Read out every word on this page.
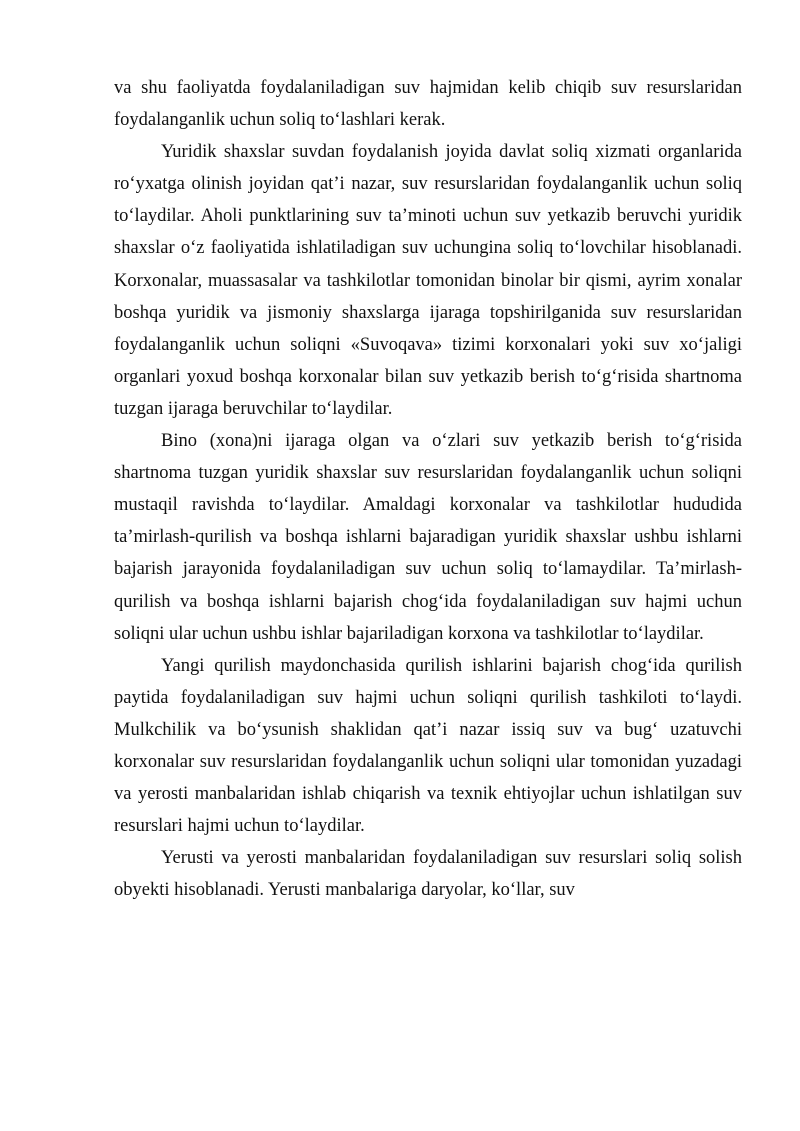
va shu faoliyatda foydalaniladigan suv hajmidan kelib chiqib suv resurslaridan foydalanganlik uchun soliq to‘lashlari kerak.

Yuridik shaxslar suvdan foydalanish joyida davlat soliq xizmati organlarida ro‘yxatga olinish joyidan qat’i nazar, suv resurslaridan foydalanganlik uchun soliq to‘laydilar. Aholi punktlarining suv ta’minoti uchun suv yetkazib beruvchi yuridik shaxslar o‘z faoliyatida ishlatiladigan suv uchungina soliq to‘lovchilar hisoblanadi. Korxonalar, muassasalar va tashkilotlar tomonidan binolar bir qismi, ayrim xonalar boshqa yuridik va jismoniy shaxslarga ijaraga topshirilganida suv resurslaridan foydalanganlik uchun soliqni «Suvoqava» tizimi korxonalari yoki suv xo‘jaligi organlari yoxud boshqa korxonalar bilan suv yetkazib berish to‘g‘risida shartnoma tuzgan ijaraga beruvchilar to‘laydilar.

Bino (xona)ni ijaraga olgan va o‘zlari suv yetkazib berish to‘g‘risida shartnoma tuzgan yuridik shaxslar suv resurslaridan foydalanganlik uchun soliqni mustaqil ravishda to‘laydilar. Amaldagi korxonalar va tashkilotlar hududida ta’mirlash-qurilish va boshqa ishlarni bajaradigan yuridik shaxslar ushbu ishlarni bajarish jarayonida foydalaniladigan suv uchun soliq to‘lamaydilar. Ta’mirlash-qurilish va boshqa ishlarni bajarish chog‘ida foydalaniladigan suv hajmi uchun soliqni ular uchun ushbu ishlar bajariladigan korxona va tashkilotlar to‘laydilar.

Yangi qurilish maydonchasida qurilish ishlarini bajarish chog‘ida qurilish paytida foydalaniladigan suv hajmi uchun soliqni qurilish tashkiloti to‘laydi. Mulkchilik va bo‘ysunish shaklidan qat’i nazar issiq suv va bug‘ uzatuvchi korxonalar suv resurslaridan foydalanganlik uchun soliqni ular tomonidan yuzadagi va yerosti manbalaridan ishlab chiqarish va texnik ehtiyojlar uchun ishlatilgan suv resurslari hajmi uchun to‘laydilar.

Yerusti va yerosti manbalaridan foydalaniladigan suv resurslari soliq solish obyekti hisoblanadi. Yerusti manbalariga daryolar, ko‘llar, suv
